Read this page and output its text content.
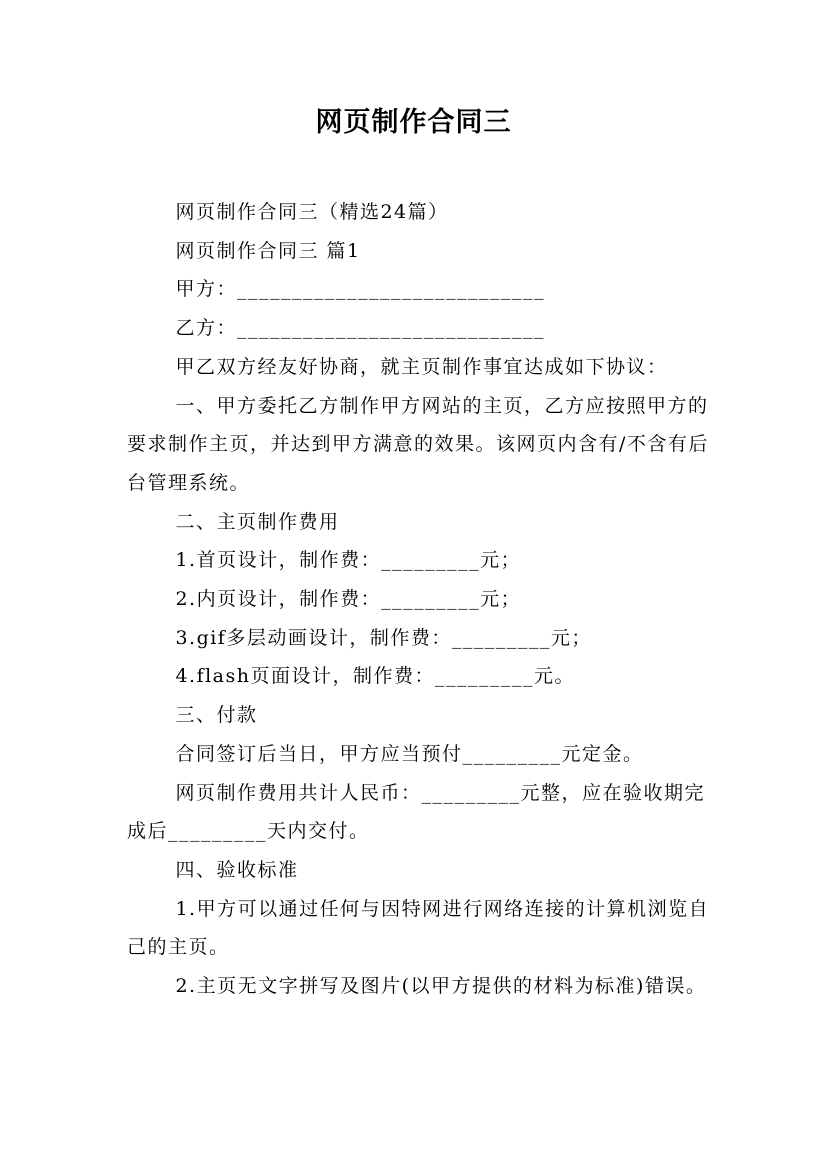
网页制作合同三

网页制作合同三（精选24篇）

网页制作合同三 篇1

甲方：____________________________

乙方：____________________________

甲乙双方经友好协商，就主页制作事宜达成如下协议：

一、甲方委托乙方制作甲方网站的主页，乙方应按照甲方的要求制作主页，并达到甲方满意的效果。该网页内含有/不含有后台管理系统。

二、主页制作费用

1.首页设计，制作费：_________元；

2.内页设计，制作费：_________元；

3.gif多层动画设计，制作费：_________元；

4.flash页面设计，制作费：_________元。

三、付款

合同签订后当日，甲方应当预付_________元定金。

网页制作费用共计人民币：_________元整，应在验收期完成后_________天内交付。

四、验收标准

1.甲方可以通过任何与因特网进行网络连接的计算机浏览自己的主页。

2.主页无文字拼写及图片(以甲方提供的材料为标准)错误。
